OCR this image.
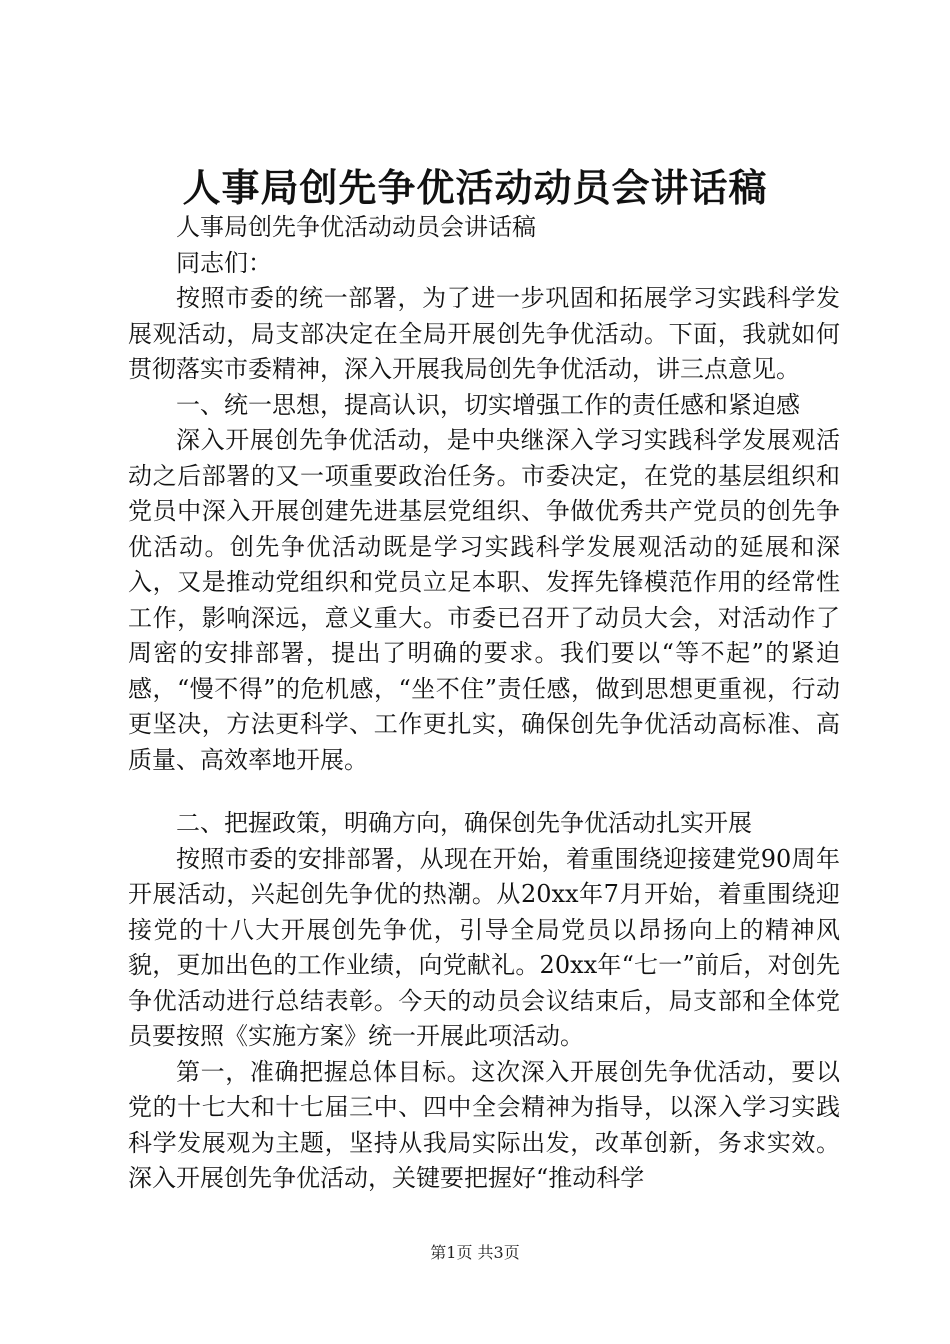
人事局创先争优活动动员会讲话稿

人事局创先争优活动动员会讲话稿

同志们：

按照市委的统一部署，为了进一步巩固和拓展学习实践科学发展观活动，局支部决定在全局开展创先争优活动。下面，我就如何贯彻落实市委精神，深入开展我局创先争优活动，讲三点意见。

一、统一思想，提高认识，切实增强工作的责任感和紧迫感

深入开展创先争优活动，是中央继深入学习实践科学发展观活动之后部署的又一项重要政治任务。市委决定，在党的基层组织和党员中深入开展创建先进基层党组织、争做优秀共产党员的创先争优活动。创先争优活动既是学习实践科学发展观活动的延展和深入，又是推动党组织和党员立足本职、发挥先锋模范作用的经常性工作，影响深远，意义重大。市委已召开了动员大会，对活动作了周密的安排部署，提出了明确的要求。我们要以“等不起”的紧迫感，“慢不得”的危机感，“坐不住”责任感，做到思想更重视，行动更坚决，方法更科学、工作更扎实，确保创先争优活动高标准、高质量、高效率地开展。

二、把握政策，明确方向，确保创先争优活动扎实开展

按照市委的安排部署，从现在开始，着重围绕迎接建党90周年开展活动，兴起创先争优的热潮。从20xx年7月开始，着重围绕迎接党的十八大开展创先争优，引导全局党员以昂扬向上的精神风貌，更加出色的工作业绩，向党献礼。20xx年“七一”前后，对创先争优活动进行总结表彰。今天的动员会议结束后，局支部和全体党员要按照《实施方案》统一开展此项活动。

第一，准确把握总体目标。这次深入开展创先争优活动，要以党的十七大和十七届三中、四中全会精神为指导，以深入学习实践科学发展观为主题，坚持从我局实际出发，改革创新，务求实效。深入开展创先争优活动，关键要把握好“推动科学

第1页 共3页
